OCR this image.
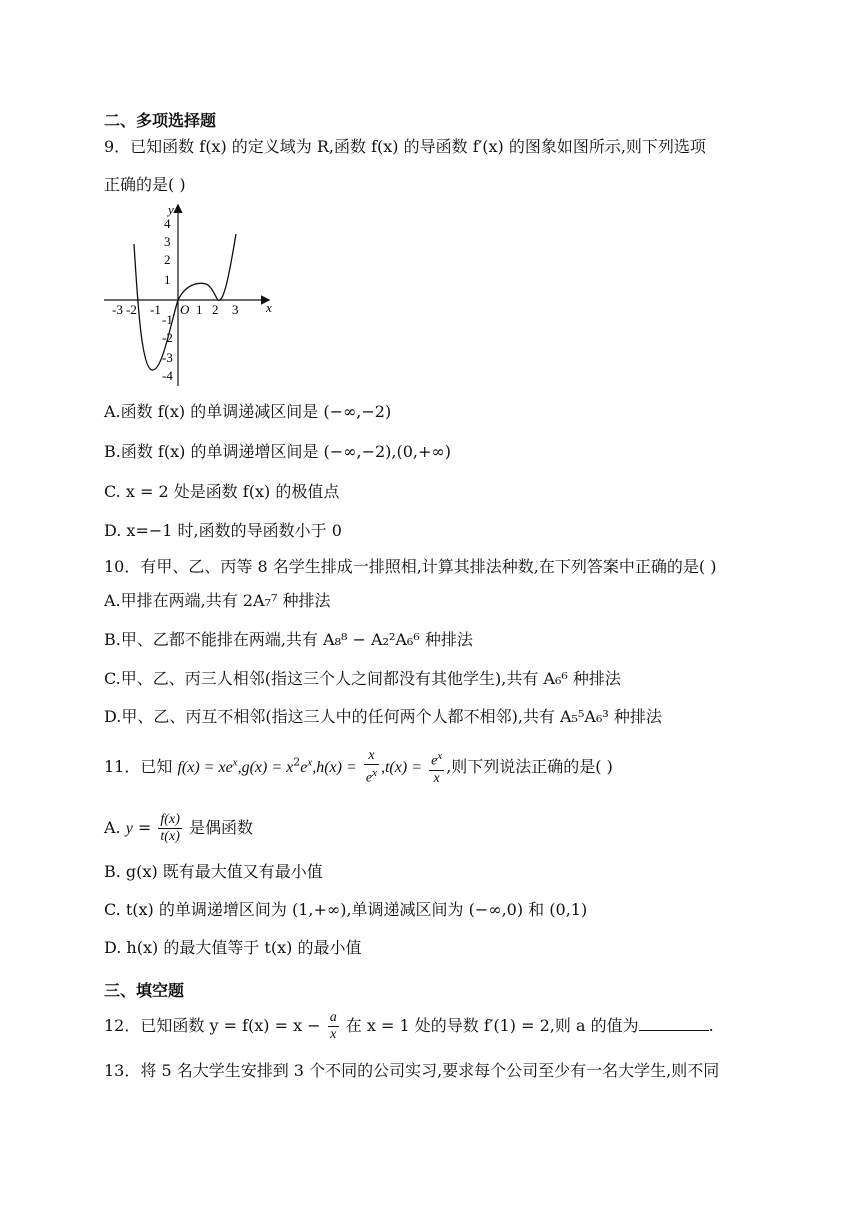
二、多项选择题
9．已知函数 f(x) 的定义域为 R,函数 f(x) 的导函数 f′(x) 的图象如图所示,则下列选项
正确的是( )
x
y
O
4
3
2
1
-1
-2
-3
-4
-3 -2 -1	1 2 3
A.函数 f(x) 的单调递减区间是 (−∞,−2)
B.函数 f(x) 的单调递增区间是 (−∞,−2),(0,+∞)
C. x = 2 处是函数 f(x) 的极值点
D. x=−1 时,函数的导函数小于 0
10．有甲、乙、丙等 8 名学生排成一排照相,计算其排法种数,在下列答案中正确的是( )
A.甲排在两端,共有 2A₇⁷ 种排法
B.甲、乙都不能排在两端,共有 A₈⁸ − A₂²A₆⁶ 种排法
C.甲、乙、丙三人相邻(指这三个人之间都没有其他学生),共有 A₆⁶ 种排法
D.甲、乙、丙互不相邻(指这三人中的任何两个人都不相邻),共有 A₅⁵A₆³ 种排法
11．已知 $f(x) = xe^x,g(x) = x^2e^x,h(x) = \frac{x}{e^x} ,t(x) = \frac{e^x}{x}$ ,则下列说法正确的是( )
A. $y = \frac{f(x)}{t(x)}$ 是偶函数
B. g(x) 既有最大值又有最小值
C. t(x) 的单调递增区间为 (1,+∞),单调递减区间为 (−∞,0) 和 (0,1)
D. h(x) 的最大值等于 t(x) 的最小值
三、填空题
12．已知函数 $y = f(x) = x - \frac{a}{x}$ 在 x = 1 处的导数 f′(1) = 2,则 a 的值为	.
13．将 5 名大学生安排到 3 个不同的公司实习,要求每个公司至少有一名大学生,则不同
